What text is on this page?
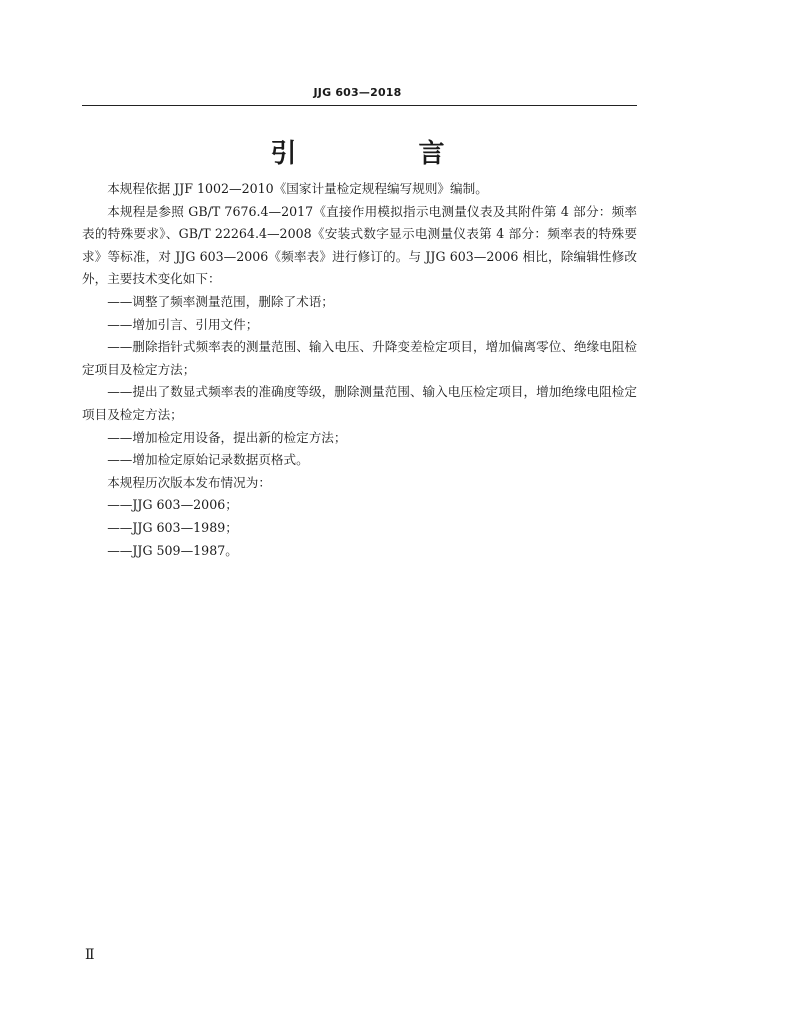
JJG 603—2018
引　言

本规程依据 JJF 1002—2010《国家计量检定规程编写规则》编制。

本规程是参照 GB/T 7676.4—2017《直接作用模拟指示电测量仪表及其附件第 4 部分：频率表的特殊要求》、GB/T 22264.4—2008《安装式数字显示电测量仪表第 4 部分：频率表的特殊要求》等标准，对 JJG 603—2006《频率表》进行修订的。与 JJG 603—2006 相比，除编辑性修改外，主要技术变化如下：

——调整了频率测量范围，删除了术语；

——增加引言、引用文件；

——删除指针式频率表的测量范围、输入电压、升降变差检定项目，增加偏离零位、绝缘电阻检定项目及检定方法；

——提出了数显式频率表的准确度等级，删除测量范围、输入电压检定项目，增加绝缘电阻检定项目及检定方法；

——增加检定用设备，提出新的检定方法；

——增加检定原始记录数据页格式。

本规程历次版本发布情况为：

——JJG 603—2006；

——JJG 603—1989；

——JJG 509—1987。

Ⅱ
